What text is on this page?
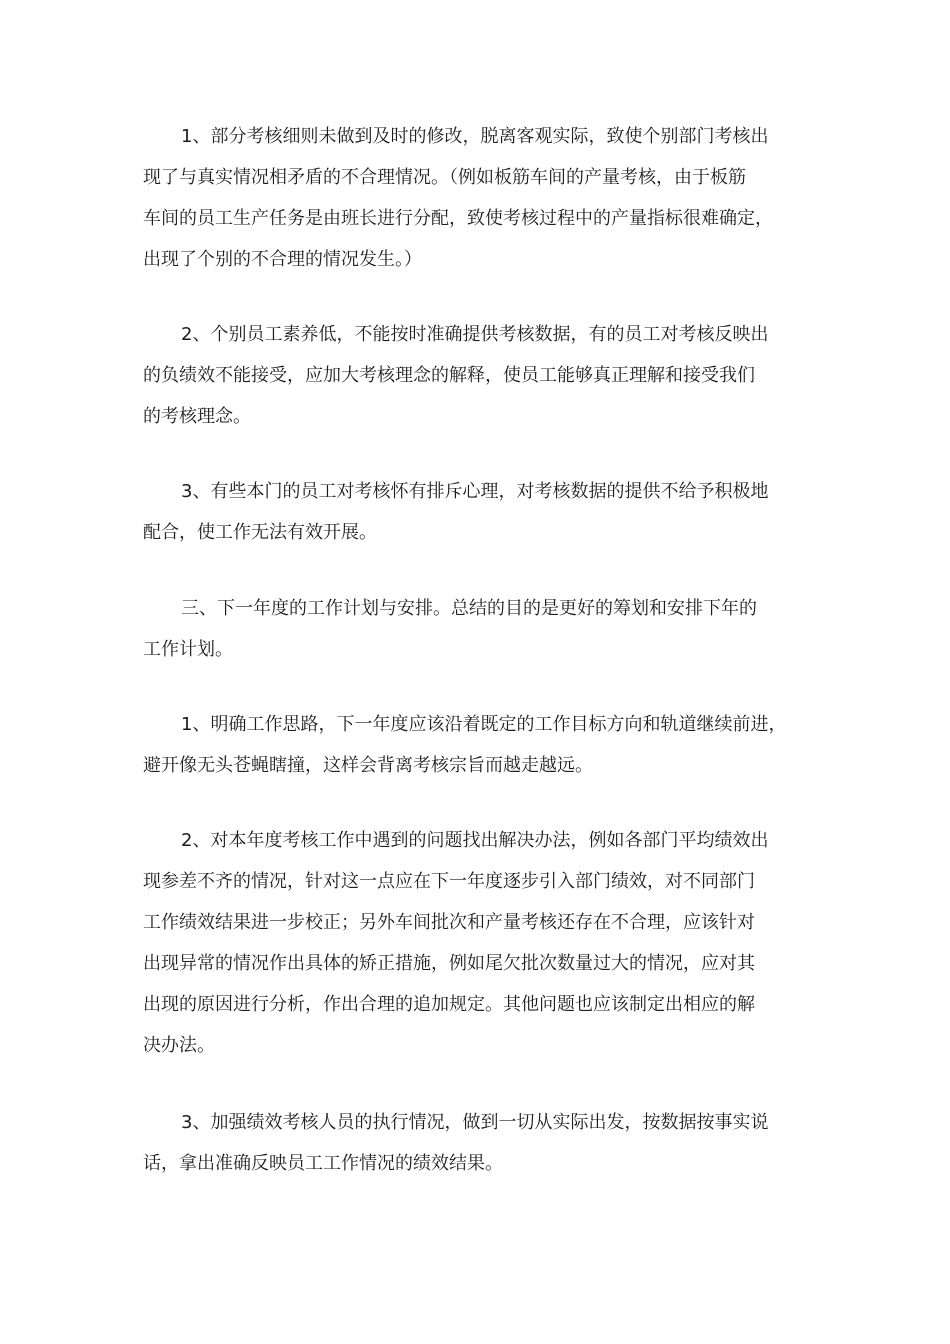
1、部分考核细则未做到及时的修改，脱离客观实际，致使个别部门考核出
现了与真实情况相矛盾的不合理情况。（例如板筋车间的产量考核，由于板筋
车间的员工生产任务是由班长进行分配，致使考核过程中的产量指标很难确定，
出现了个别的不合理的情况发生。）
2、个别员工素养低，不能按时准确提供考核数据，有的员工对考核反映出
的负绩效不能接受，应加大考核理念的解释，使员工能够真正理解和接受我们
的考核理念。
3、有些本门的员工对考核怀有排斥心理，对考核数据的提供不给予积极地
配合，使工作无法有效开展。
三、下一年度的工作计划与安排。总结的目的是更好的筹划和安排下年的
工作计划。
1、明确工作思路，下一年度应该沿着既定的工作目标方向和轨道继续前进，
避开像无头苍蝇瞎撞，这样会背离考核宗旨而越走越远。
2、对本年度考核工作中遇到的问题找出解决办法，例如各部门平均绩效出
现参差不齐的情况，针对这一点应在下一年度逐步引入部门绩效，对不同部门
工作绩效结果进一步校正；另外车间批次和产量考核还存在不合理，应该针对
出现异常的情况作出具体的矫正措施，例如尾欠批次数量过大的情况，应对其
出现的原因进行分析，作出合理的追加规定。其他问题也应该制定出相应的解
决办法。
3、加强绩效考核人员的执行情况，做到一切从实际出发，按数据按事实说
话，拿出准确反映员工工作情况的绩效结果。
